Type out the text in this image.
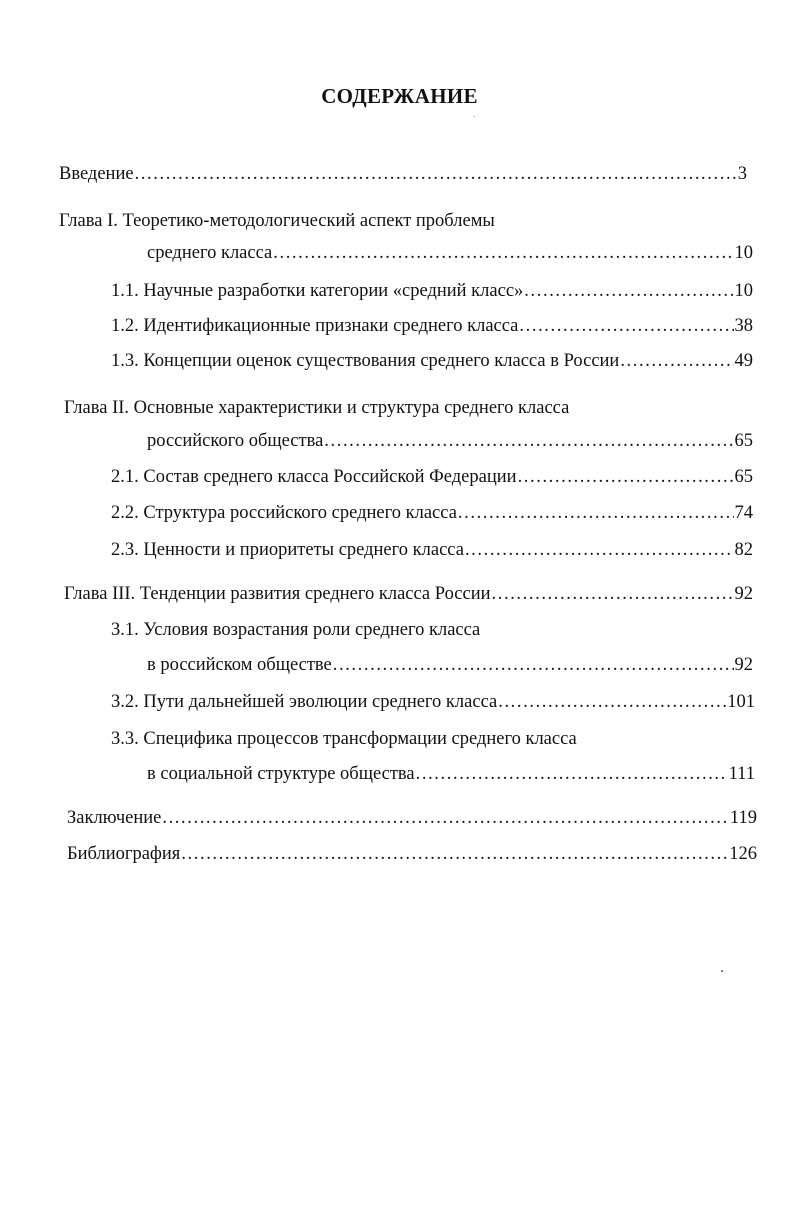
СОДЕРЖАНИЕ
Введение .....	3
Глава I. Теоретико-методологический аспект проблемы
среднего класса .....	10
1.1. Научные разработки категории «средний класс» .....	10
1.2. Идентификационные признаки среднего класса .....	38
1.3. Концепции оценок существования среднего класса в России .....	49
Глава II. Основные характеристики и структура среднего класса
российского общества .....	65
2.1. Состав среднего класса Российской Федерации .....	65
2.2. Структура российского среднего класса .....	74
2.3. Ценности и приоритеты среднего класса .....	82
Глава III. Тенденции развития среднего класса России .....	92
3.1. Условия возрастания роли среднего класса
в российском обществе .....	92
3.2. Пути дальнейшей эволюции среднего класса .....	101
3.3. Специфика процессов трансформации среднего класса
в социальной структуре общества .....	111
Заключение .....	119
Библиография .....	126
